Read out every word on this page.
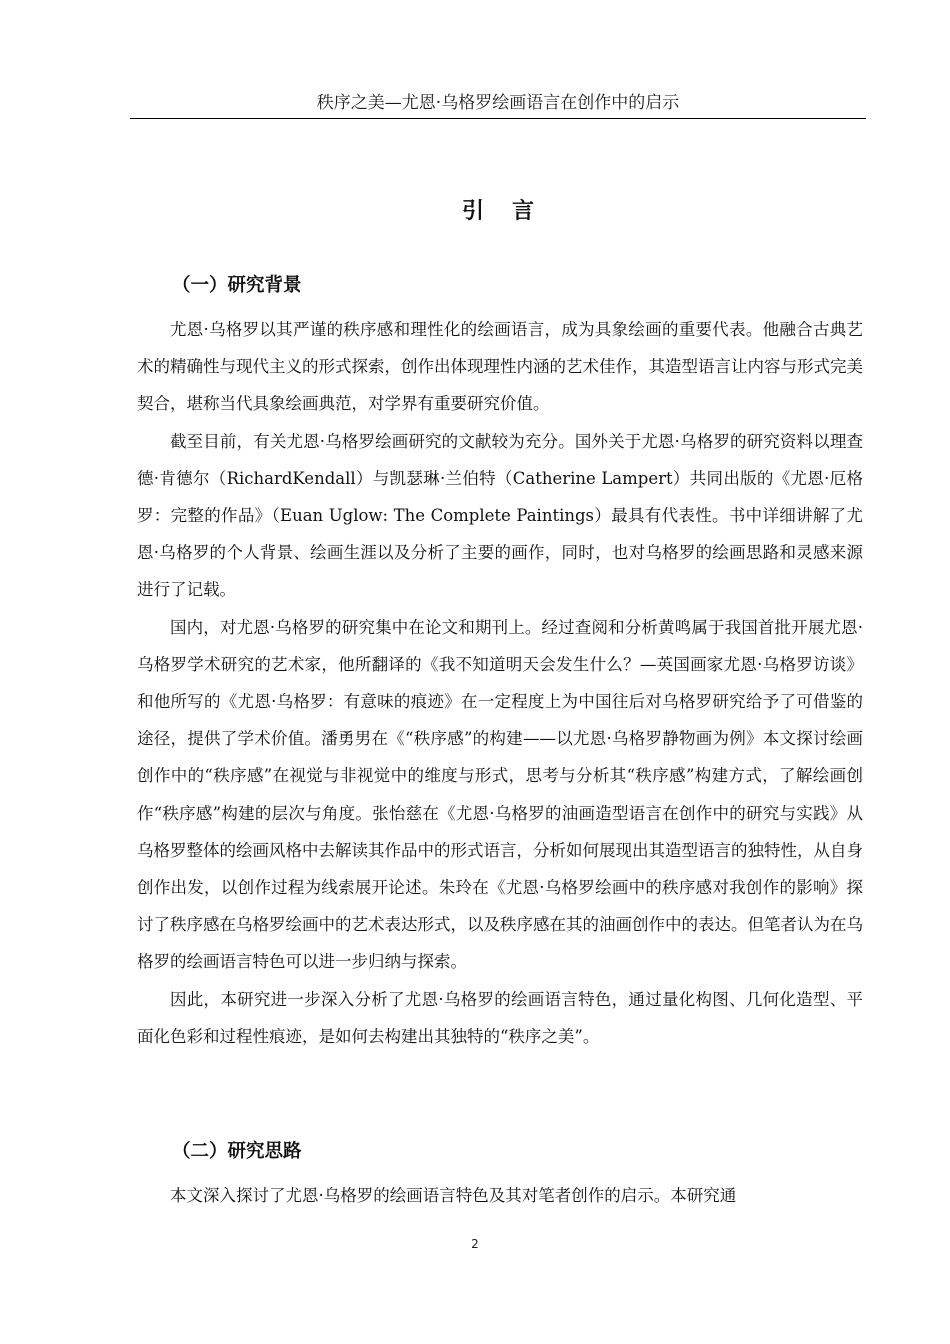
秩序之美—尤恩·乌格罗绘画语言在创作中的启示
引言
（一）研究背景

尤恩·乌格罗以其严谨的秩序感和理性化的绘画语言，成为具象绘画的重要代表。他融合古典艺术的精确性与现代主义的形式探索，创作出体现理性内涵的艺术佳作，其造型语言让内容与形式完美契合，堪称当代具象绘画典范，对学界有重要研究价值。

截至目前，有关尤恩·乌格罗绘画研究的文献较为充分。国外关于尤恩·乌格罗的研究资料以理查德·肯德尔（RichardKendall）与凯瑟琳·兰伯特（Catherine Lampert）共同出版的《尤恩·厄格罗：完整的作品》（Euan Uglow: The Complete Paintings）最具有代表性。书中详细讲解了尤恩·乌格罗的个人背景、绘画生涯以及分析了主要的画作，同时，也对乌格罗的绘画思路和灵感来源进行了记载。

国内，对尤恩·乌格罗的研究集中在论文和期刊上。经过查阅和分析黄鸣属于我国首批开展尤恩·乌格罗学术研究的艺术家，他所翻译的《我不知道明天会发生什么？—英国画家尤恩·乌格罗访谈》和他所写的《尤恩·乌格罗：有意味的痕迹》在一定程度上为中国往后对乌格罗研究给予了可借鉴的途径，提供了学术价值。潘勇男在《“秩序感”的构建——以尤恩·乌格罗静物画为例》本文探讨绘画创作中的“秩序感”在视觉与非视觉中的维度与形式，思考与分析其“秩序感”构建方式，了解绘画创作“秩序感”构建的层次与角度。张怡慈在《尤恩·乌格罗的油画造型语言在创作中的研究与实践》从乌格罗整体的绘画风格中去解读其作品中的形式语言，分析如何展现出其造型语言的独特性，从自身创作出发，以创作过程为线索展开论述。朱玲在《尤恩·乌格罗绘画中的秩序感对我创作的影响》探讨了秩序感在乌格罗绘画中的艺术表达形式，以及秩序感在其的油画创作中的表达。但笔者认为在乌格罗的绘画语言特色可以进一步归纳与探索。

因此，本研究进一步深入分析了尤恩·乌格罗的绘画语言特色，通过量化构图、几何化造型、平面化色彩和过程性痕迹，是如何去构建出其独特的“秩序之美”。

（二）研究思路

本文深入探讨了尤恩·乌格罗的绘画语言特色及其对笔者创作的启示。本研究通

2
